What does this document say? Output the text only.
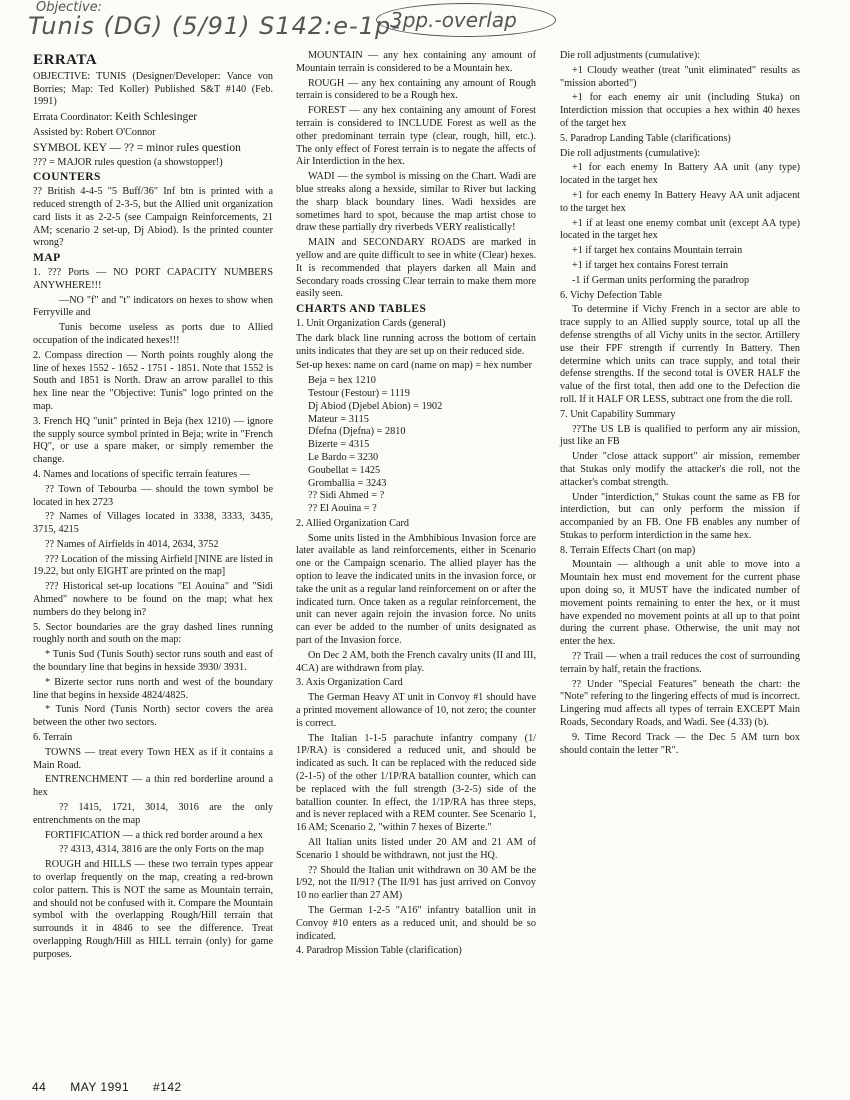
Objective:
Tunis (DG) (5/91) S142:e-1p-
3pp.-overlap

ERRATA

OBJECTIVE: TUNIS (Designer/Developer: Vance von Borries; Map: Ted Koller) Published S&T #140 (Feb. 1991)

Errata Coordinator: Keith Schlesinger

Assisted by: Robert O'Connor

SYMBOL KEY — ?? = minor rules question

??? = MAJOR rules question (a showstopper!)

COUNTERS

?? British 4-4-5 "5 Buff/36" Inf btn is printed with a reduced strength of 2-3-5, but the Allied unit organization card lists it as 2-2-5 (see Campaign Reinforcements, 21 AM; scenario 2 set-up, Dj Abiod). Is the printed counter wrong?

MAP

1. ??? Ports — NO PORT CAPACITY NUMBERS ANYWHERE!!!

—NO "f" and "t" indicators on hexes to show when Ferryville and

Tunis become useless as ports due to Allied occupation of the indicated hexes!!!

2. Compass direction — North points roughly along the line of hexes 1552 - 1652 - 1751 - 1851. Note that 1552 is South and 1851 is North. Draw an arrow parallel to this hex line near the "Objective: Tunis" logo printed on the map.

3. French HQ "unit" printed in Beja (hex 1210) — ignore the supply source symbol printed in Beja; write in "French HQ", or use a spare maker, or simply remember the change.

4. Names and locations of specific terrain features —

?? Town of Tebourba — should the town symbol be located in hex 2723

?? Names of Villages located in 3338, 3333, 3435, 3715, 4215

?? Names of Airfields in 4014, 2634, 3752

??? Location of the missing Airfield [NINE are listed in 19.22, but only EIGHT are printed on the map]

??? Historical set-up locations "El Aouina" and "Sidi Ahmed" nowhere to be found on the map; what hex numbers do they belong in?

5. Sector boundaries are the gray dashed lines running roughly north and south on the map:

* Tunis Sud (Tunis South) sector runs south and east of the boundary line that begins in hexside 3930/ 3931.

* Bizerte sector runs north and west of the boundary line that begins in hexside 4824/4825.

* Tunis Nord (Tunis North) sector covers the area between the other two sectors.

6. Terrain

TOWNS — treat every Town HEX as if it contains a Main Road.

ENTRENCHMENT — a thin red borderline around a hex

?? 1415, 1721, 3014, 3016 are the only entrenchments on the map

FORTIFICATION — a thick red border around a hex

?? 4313, 4314, 3816 are the only Forts on the map

ROUGH and HILLS — these two terrain types appear to overlap frequently on the map, creating a red-brown color pattern. This is NOT the same as Mountain terrain, and should not be confused with it. Compare the Mountain symbol with the overlapping Rough/Hill terrain that surrounds it in 4846 to see the difference. Treat overlapping Rough/Hill as HILL terrain (only) for game purposes.

MOUNTAIN — any hex containing any amount of Mountain terrain is considered to be a Mountain hex.

ROUGH — any hex containing any amount of Rough terrain is considered to be a Rough hex.

FOREST — any hex containing any amount of Forest terrain is considered to INCLUDE Forest as well as the other predominant terrain type (clear, rough, hill, etc.). The only effect of Forest terrain is to negate the affects of Air Interdiction in the hex.

WADI — the symbol is missing on the Chart. Wadi are blue streaks along a hexside, similar to River but lacking the sharp black boundary lines. Wadi hexsides are sometimes hard to spot, because the map artist chose to draw these partially dry riverbeds VERY realistically!

MAIN and SECONDARY ROADS are marked in yellow and are quite difficult to see in white (Clear) hexes. It is recommended that players darken all Main and Secondary roads crossing Clear terrain to make them more easily seen.

CHARTS AND TABLES

1. Unit Organization Cards (general)

The dark black line running across the bottom of certain units indicates that they are set up on their reduced side.

Set-up hexes: name on card (name on map) = hex number

Beja = hex 1210
Testour (Festour) = 1119
Dj Abiod (Djebel Abion) = 1902
Mateur = 3115
Dfefna (Djefna) = 2810
Bizerte = 4315
Le Bardo = 3230
Goubellat = 1425
Gromballia = 3243
?? Sidi Ahmed = ?
?? El Aouina = ?

2. Allied Organization Card

Some units listed in the Ambhibious Invasion force are later available as land reinforcements, either in Scenario one or the Campaign scenario. The allied player has the option to leave the indicated units in the invasion force, or take the unit as a regular land reinforcement on or after the indicated turn. Once taken as a regular reinforcement, the unit can never again rejoin the invasion force. No units can ever be added to the number of units designated as part of the Invasion force.

On Dec 2 AM, both the French cavalry units (II and III, 4CA) are withdrawn from play.

3. Axis Organization Card

The German Heavy AT unit in Convoy #1 should have a printed movement allowance of 10, not zero; the counter is correct.

The Italian 1-1-5 parachute infantry company (1/ 1P/RA) is considered a reduced unit, and should be indicated as such. It can be replaced with the reduced side (2-1-5) of the other 1/1P/RA batallion counter, which can be replaced with the full strength (3-2-5) side of the batallion counter. In effect, the 1/1P/RA has three steps, and is never replaced with a REM counter. See Scenario 1, 16 AM; Scenario 2, "within 7 hexes of Bizerte."

All Italian units listed under 20 AM and 21 AM of Scenario 1 should be withdrawn, not just the HQ.

?? Should the Italian unit withdrawn on 30 AM be the I/92, not the II/91? (The II/91 has just arrived on Convoy 10 no earlier than 27 AM)

The German 1-2-5 "A16" infantry batallion unit in Convoy #10 enters as a reduced unit, and should be so indicated.

4. Paradrop Mission Table (clarification)

Die roll adjustments (cumulative):

+1 Cloudy weather (treat "unit eliminated" results as "mission aborted")

+1 for each enemy air unit (including Stuka) on Interdiction mission that occupies a hex within 40 hexes of the target hex

5. Paradrop Landing Table (clarifications)

Die roll adjustments (cumulative):

+1 for each enemy In Battery AA unit (any type) located in the target hex

+1 for each enemy In Battery Heavy AA unit adjacent to the target hex

+1 if at least one enemy combat unit (except AA type) located in the target hex

+1 if target hex contains Mountain terrain

+1 if target hex contains Forest terrain

-1 if German units performing the paradrop

6. Vichy Defection Table

To determine if Vichy French in a sector are able to trace supply to an Allied supply source, total up all the defense strengths of all Vichy units in the sector. Artillery use their FPF strength if currently In Battery. Then determine which units can trace supply, and total their defense strengths. If the second total is OVER HALF the value of the first total, then add one to the Defection die roll. If it HALF OR LESS, subtract one from the die roll.

7. Unit Capability Summary

??The US LB is qualified to perform any air mission, just like an FB

Under "close attack support" air mission, remember that Stukas only modify the attacker's die roll, not the attacker's combat strength.

Under "interdiction," Stukas count the same as FB for interdiction, but can only perform the mission if accompanied by an FB. One FB enables any number of Stukas to perform interdiction in the same hex.

8. Terrain Effects Chart (on map)

Mountain — although a unit able to move into a Mountain hex must end movement for the current phase upon doing so, it MUST have the indicated number of movement points remaining to enter the hex, or it must have expended no movement points at all up to that point during the current phase. Otherwise, the unit may not enter the hex.

?? Trail — when a trail reduces the cost of surrounding terrain by half, retain the fractions.

?? Under "Special Features" beneath the chart: the "Note" refering to the lingering effects of mud is incorrect. Lingering mud affects all types of terrain EXCEPT Main Roads, Secondary Roads, and Wadi. See (4.33) (b).

9. Time Record Track — the Dec 5 AM turn box should contain the letter "R".

44 MAY 1991 #142
